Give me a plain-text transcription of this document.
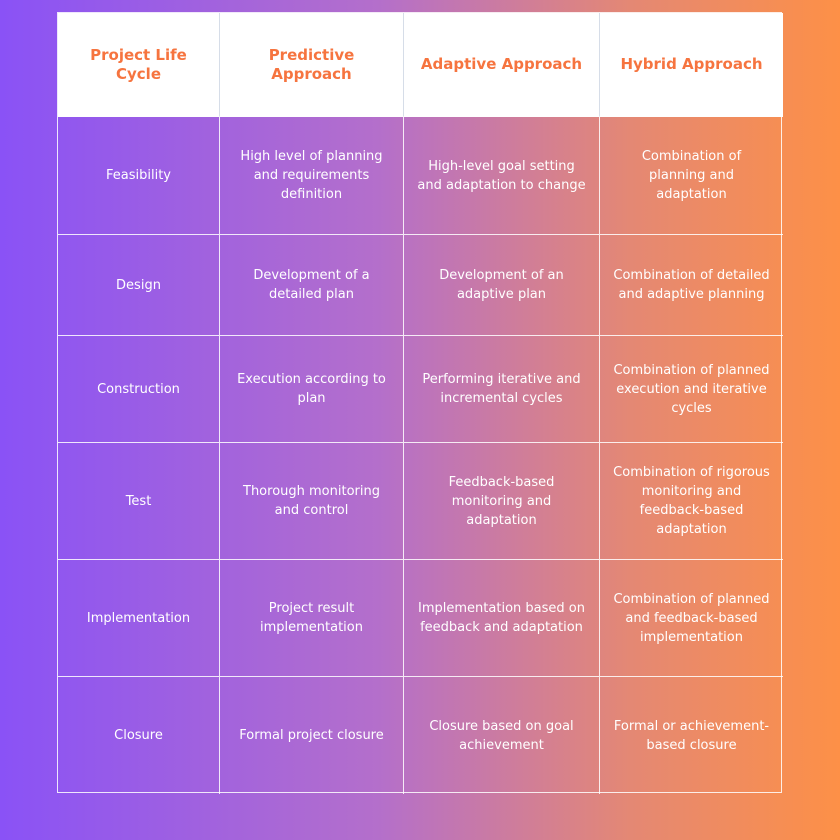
Project Life Cycle
Predictive Approach
Adaptive Approach	Hybrid Approach
Feasibility
High level of planning and requirements definition
High-level goal setting and adaptation to change
Combination of planning and adaptation
Design
Development of a detailed plan
Development of an adaptive plan
Combination of detailed and adaptive planning
Construction
Execution according to plan
Performing iterative and incremental cycles
Combination of planned execution and iterative cycles
Test
Thorough monitoring and control
Feedback-based monitoring and adaptation
Combination of rigorous monitoring and feedback-based adaptation
Implementation
Project result implementation
Implementation based on feedback and adaptation
Combination of planned and feedback-based implementation
Closure	Formal project closure
Closure based on goal achievement
Formal or achievement-based closure
